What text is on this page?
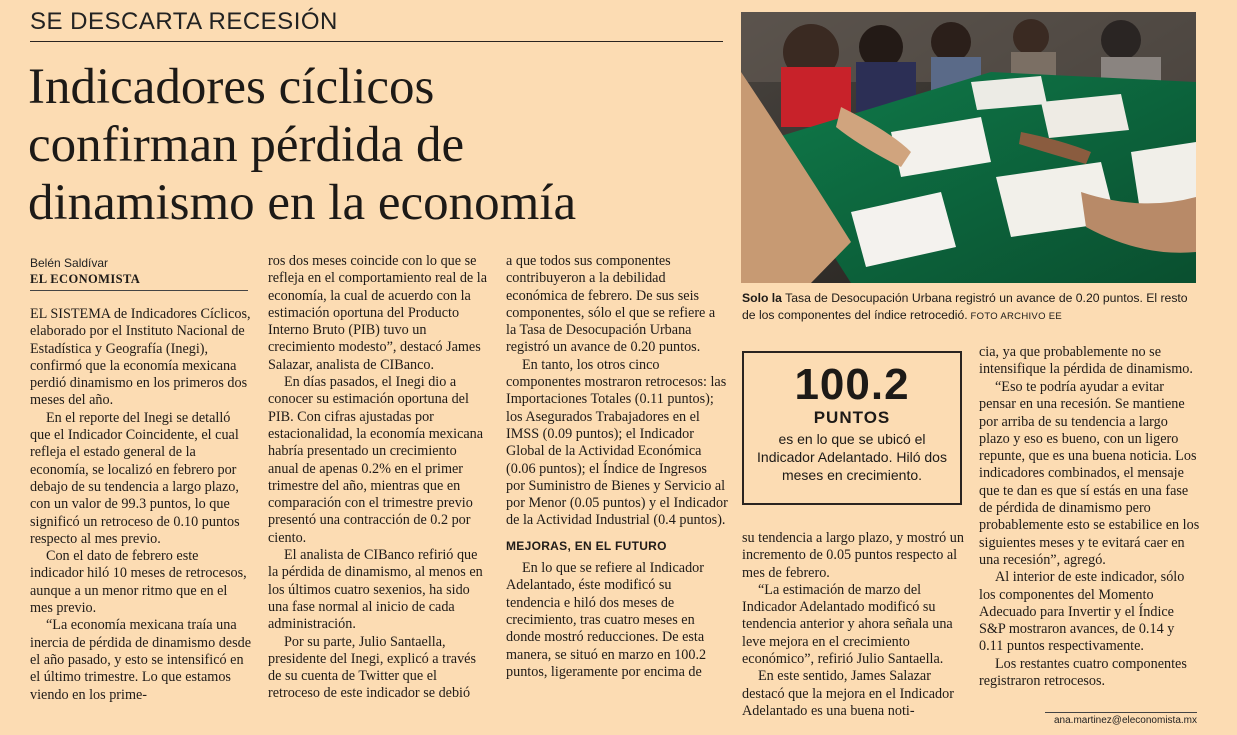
SE DESCARTA RECESIÓN
Indicadores cíclicos
confirman pérdida de
dinamismo en la economía
Belén Saldívar
EL ECONOMISTA

EL SISTEMA de Indicadores Cíclicos, elaborado por el Instituto Nacional de Estadística y Geografía (Inegi), confirmó que la economía mexicana perdió dinamismo en los primeros dos meses del año.

En el reporte del Inegi se detalló que el Indicador Coincidente, el cual refleja el estado general de la economía, se localizó en febrero por debajo de su tendencia a largo plazo, con un valor de 99.3 puntos, lo que significó un retroceso de 0.10 puntos respecto al mes previo.

Con el dato de febrero este indicador hiló 10 meses de retrocesos, aunque a un menor ritmo que en el mes previo.

“La economía mexicana traía una inercia de pérdida de dinamismo desde el año pasado, y esto se intensificó en el último trimestre. Lo que estamos viendo en los prime-

ros dos meses coincide con lo que se refleja en el comportamiento real de la economía, la cual de acuerdo con la estimación oportuna del Producto Interno Bruto (PIB) tuvo un crecimiento modesto”, destacó James Salazar, analista de CIBanco.

En días pasados, el Inegi dio a conocer su estimación oportuna del PIB. Con cifras ajustadas por estacionalidad, la economía mexicana habría presentado un crecimiento anual de apenas 0.2% en el primer trimestre del año, mientras que en comparación con el trimestre previo presentó una contracción de 0.2 por ciento.

El analista de CIBanco refirió que la pérdida de dinamismo, al menos en los últimos cuatro sexenios, ha sido una fase normal al inicio de cada administración.

Por su parte, Julio Santaella, presidente del Inegi, explicó a través de su cuenta de Twitter que el retroceso de este indicador se debió

a que todos sus componentes contribuyeron a la debilidad económica de febrero. De sus seis componentes, sólo el que se refiere a la Tasa de Desocupación Urbana registró un avance de 0.20 puntos.

En tanto, los otros cinco componentes mostraron retrocesos: las Importaciones Totales (0.11 puntos); los Asegurados Trabajadores en el IMSS (0.09 puntos); el Indicador Global de la Actividad Económica (0.06 puntos); el Índice de Ingresos por Suministro de Bienes y Servicio al por Menor (0.05 puntos) y el Indicador de la Actividad Industrial (0.4 puntos).

MEJORAS, EN EL FUTURO

En lo que se refiere al Indicador Adelantado, éste modificó su tendencia e hiló dos meses de crecimiento, tras cuatro meses en donde mostró reducciones. De esta manera, se situó en marzo en 100.2 puntos, ligeramente por encima de

Solo la Tasa de Desocupación Urbana registró un avance de 0.20 puntos. El resto de los componentes del índice retrocedió. FOTO ARCHIVO EE
100.2
PUNTOS
es en lo que se ubicó el Indicador Adelantado. Hiló dos meses en crecimiento.

su tendencia a largo plazo, y mostró un incremento de 0.05 puntos respecto al mes de febrero.

“La estimación de marzo del Indicador Adelantado modificó su tendencia anterior y ahora señala una leve mejora en el crecimiento económico”, refirió Julio Santaella.

En este sentido, James Salazar destacó que la mejora en el Indicador Adelantado es una buena noti-

cia, ya que probablemente no se intensifique la pérdida de dinamismo.

“Eso te podría ayudar a evitar pensar en una recesión. Se mantiene por arriba de su tendencia a largo plazo y eso es bueno, con un ligero repunte, que es una buena noticia. Los indicadores combinados, el mensaje que te dan es que sí estás en una fase de pérdida de dinamismo pero probablemente esto se estabilice en los siguientes meses y te evitará caer en una recesión”, agregó.

Al interior de este indicador, sólo los componentes del Momento Adecuado para Invertir y el Índice S&P mostraron avances, de 0.14 y 0.11 puntos respectivamente.

Los restantes cuatro componentes registraron retrocesos.

ana.martinez@eleconomista.mx
